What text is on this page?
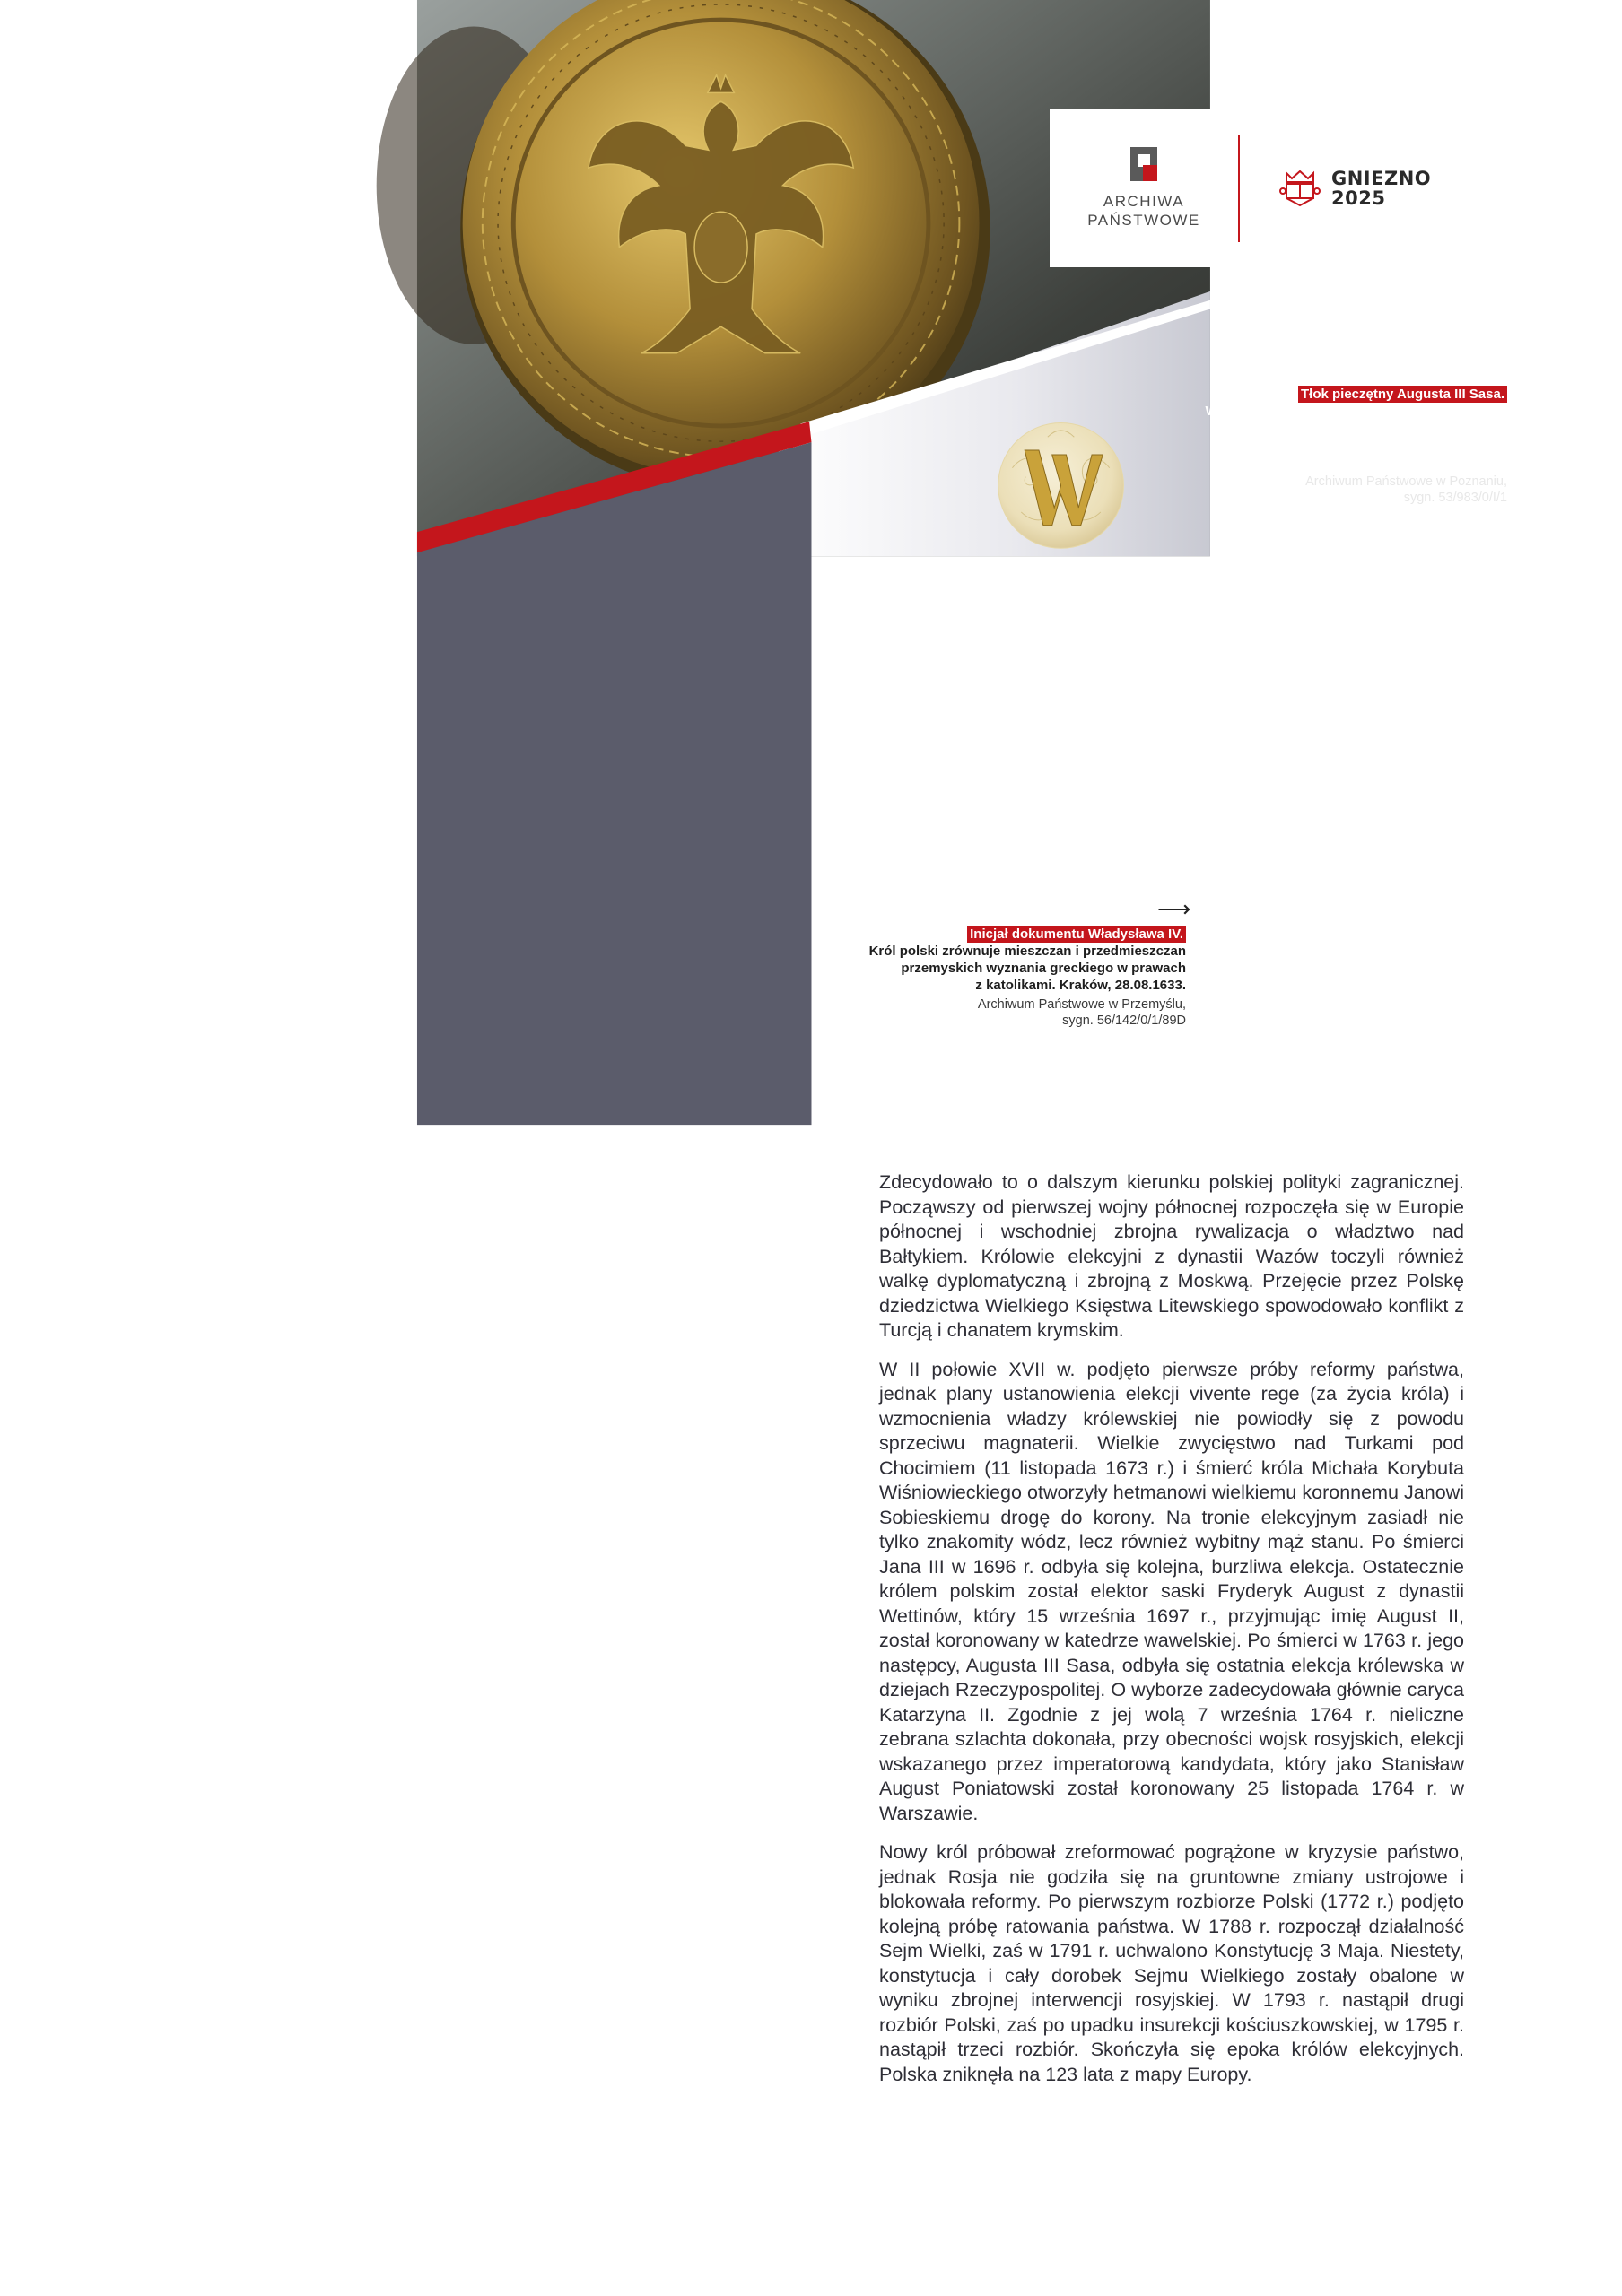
ARCHIWA
PAŃSTWOWE
GNIEZNO
2025
Tłok pieczętny Augusta III Sasa.
W polu pieczęci herb Orzeł Biały. Na jego piersi
owalna dwupolowa tarcza z herbami saskim
i elektorskim Wettinów. Z obu stron godła, na
wysokości nóg orła data 1750.
Archiwum Państwowe w Poznaniu,
sygn. 53/983/0/I/1
⟶
Inicjał dokumentu Władysława IV.
Król polski zrównuje mieszczan i przedmieszczan
przemyskich wyznania greckiego w prawach
z katolikami. Kraków, 28.08.1633.
Archiwum Państwowe w Przemyślu,
sygn. 56/142/0/1/89D
WOLNA
ELEKCJA

Rzeczpospolita, złożona z Korony oraz Wielkiego Księstwa Litewskiego, była w XVI-XVIII w. jednym z największych krajów europejskich. W epoce królów elekcyjnych tym, co szczególnie wyróżniało Rzeczpospolitą na tle Europy był ustrój demokratyczny, który zapewniał udział w sprawowaniu władzy całemu stanowi szlacheckiemu, tj. niemal 10% wszystkich mieszkańców kraju.

Po śmierci Zygmunta II Augusta, ostatniego Jagiellona, monarcha był wybierany przez ogół szlachty na zjazdach elekcyjnych. Pierwszym, wybranym w 1573 r. w ten sposób władcą, był Henryk III Walezy. Kolejnym królem elekcyjnym został książę siedmiogrodzki Stefan Batory. 4 maja 1576 r. potwierdził on prawa nadane Królestwu Polskiemu i Wielkiemu Księstwu Litewskiemu przez poprzedników oraz zobowiązał się m.in. do przestrzegania wszystkich praw uchwalonych na sejmach: elekcyjnym i koronacyjnym.

Elekcje władców polskich były jednymi z najważniejszych wydarzeń politycznych w Europie Środkowo-Wschodniej od XVI do XVIII w., dlatego Austria, Francja, Rosja i Szwecja dbały o ich przebieg elekcji korzystny z punktu widzenia własnych interesów. Po śmierci Stefana Batorego wybrano w 1587 r. na tron polski Zygmunta Wazę. Wybór królewicza szwedzkiego był obroną polskiej racji stanu przed zakusami habsburskiego kontrkan-dydata, arcyksięcia Maksymiliana, który walczył o tron polski w kolejnych miesiącach. Ostatecznie Zygmunt III Waza został koronowany na króla w katedrze wawelskiej 27 grudnia 1587 r.

Zdecydowało to o dalszym kierunku polskiej polityki zagranicznej. Począwszy od pierwszej wojny północnej rozpoczęła się w Europie północnej i wschodniej zbrojna rywalizacja o władztwo nad Bałtykiem. Królowie elekcyjni z dynastii Wazów toczyli również walkę dyplomatyczną i zbrojną z Moskwą. Przejęcie przez Polskę dziedzictwa Wielkiego Księstwa Litewskiego spowodowało konflikt z Turcją i chanatem krymskim.

W II połowie XVII w. podjęto pierwsze próby reformy państwa, jednak plany ustanowienia elekcji vivente rege (za życia króla) i wzmocnienia władzy królewskiej nie powiodły się z powodu sprzeciwu magnaterii. Wielkie zwycięstwo nad Turkami pod Chocimiem (11 listopada 1673 r.) i śmierć króla Michała Korybuta Wiśniowieckiego otworzyły hetmanowi wielkiemu koronnemu Janowi Sobieskiemu drogę do korony. Na tronie elekcyjnym zasiadł nie tylko znakomity wódz, lecz również wybitny mąż stanu. Po śmierci Jana III w 1696 r. odbyła się kolejna, burzliwa elekcja. Ostatecznie królem polskim został elektor saski Fryderyk August z dynastii Wettinów, który 15 września 1697 r., przyjmując imię August II, został koronowany w katedrze wawelskiej. Po śmierci w 1763 r. jego następcy, Augusta III Sasa, odbyła się ostatnia elekcja królewska w dziejach Rzeczypospolitej. O wyborze zadecydowała głównie caryca Katarzyna II. Zgodnie z jej wolą 7 września 1764 r. nieliczne zebrana szlachta dokonała, przy obecności wojsk rosyjskich, elekcji wskazanego przez imperatorową kandydata, który jako Stanisław August Poniatowski został koronowany 25 listopada 1764 r. w Warszawie.

Nowy król próbował zreformować pogrążone w kryzysie państwo, jednak Rosja nie godziła się na gruntowne zmiany ustrojowe i blokowała reformy. Po pierwszym rozbiorze Polski (1772 r.) podjęto kolejną próbę ratowania państwa. W 1788 r. rozpoczął działalność Sejm Wielki, zaś w 1791 r. uchwalono Konstytucję 3 Maja. Niestety, konstytucja i cały dorobek Sejmu Wielkiego zostały obalone w wyniku zbrojnej interwencji rosyjskiej. W 1793 r. nastąpił drugi rozbiór Polski, zaś po upadku insurekcji kościuszkowskiej, w 1795 r. nastąpił trzeci rozbiór. Skończyła się epoka królów elekcyjnych. Polska zniknęła na 123 lata z mapy Europy.
